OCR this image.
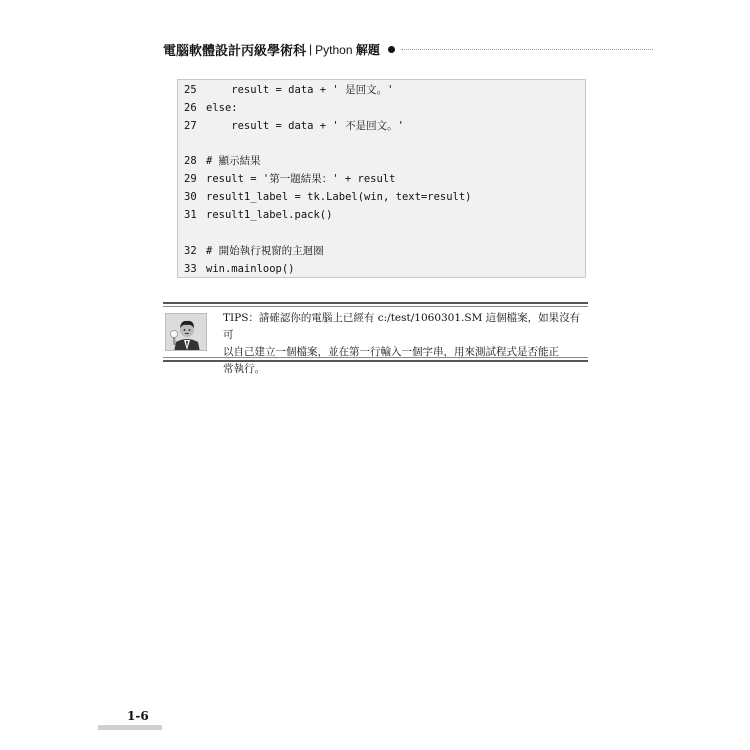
電腦軟體設計丙級學術科 | Python 解題
25    result = data + ' 是回文。'
26 else:
27    result = data + ' 不是回文。'
28 # 顯示結果
29 result = '第一題結果：' + result
30 result1_label = tk.Label(win, text=result)
31 result1_label.pack()
32 # 開始執行視窗的主迴圈
33 win.mainloop()
TIPS：請確認你的電腦上已經有 c:/test/1060301.SM 這個檔案，如果沒有可
以自己建立一個檔案，並在第一行輸入一個字串，用來測試程式是否能正
常執行。
1-6
